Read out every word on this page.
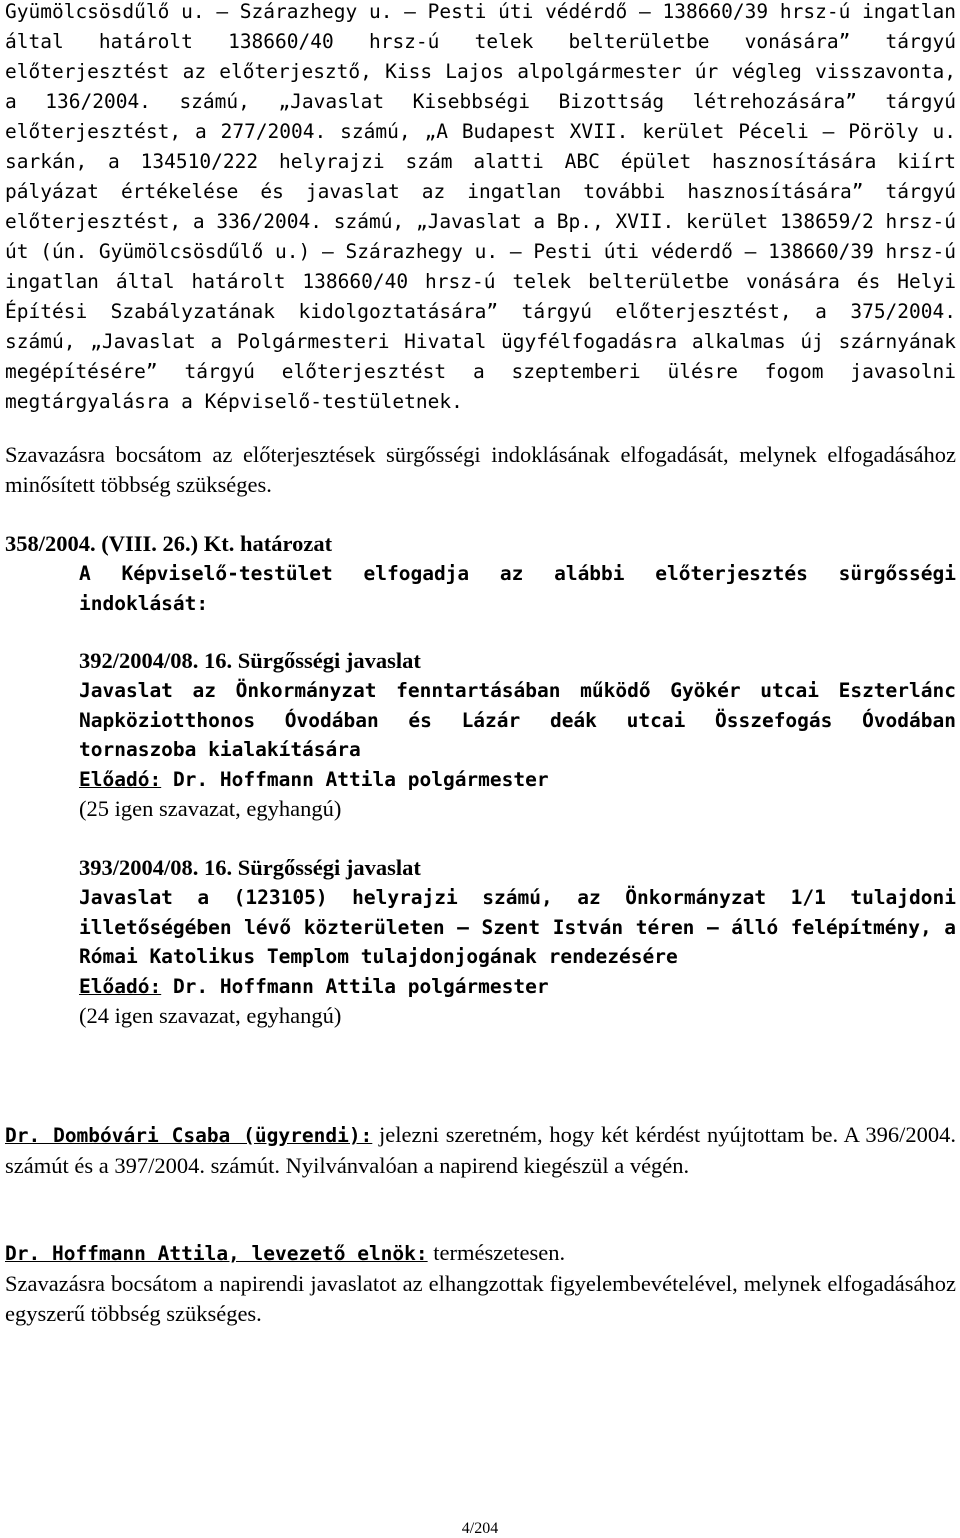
Gyümölcsösdűlő u. – Szárazhegy u. – Pesti úti védérdő – 138660/39 hrsz-ú ingatlan által határolt 138660/40 hrsz-ú telek belterületbe vonására” tárgyú előterjesztést az előterjesztő, Kiss Lajos alpolgármester úr végleg visszavonta, a 136/2004. számú, „Javaslat Kisebbségi Bizottság létrehozására” tárgyú előterjesztést, a 277/2004. számú, „A Budapest XVII. kerület Péceli – Pöröly u. sarkán, a 134510/222 helyrajzi szám alatti ABC épület hasznosítására kiírt pályázat értékelése és javaslat az ingatlan további hasznosítására” tárgyú előterjesztést, a 336/2004. számú, „Javaslat a Bp., XVII. kerület 138659/2 hrsz-ú út (ún. Gyümölcsösdűlő u.) – Szárazhegy u. – Pesti úti véderdő – 138660/39 hrsz-ú ingatlan által határolt 138660/40 hrsz-ú telek belterületbe vonására és Helyi Építési Szabályzatának kidolgoztatására” tárgyú előterjesztést, a 375/2004. számú, „Javaslat a Polgármesteri Hivatal ügyfélfogadásra alkalmas új szárnyának megépítésére” tárgyú előterjesztést a szeptemberi ülésre fogom javasolni megtárgyalásra a Képviselő-testületnek.

Szavazásra bocsátom az előterjesztések sürgősségi indoklásának elfogadását, melynek elfogadásához minősített többség szükséges.

358/2004. (VIII. 26.) Kt. határozat

A Képviselő-testület elfogadja az alábbi előterjesztés sürgősségi indoklását:

392/2004/08. 16. Sürgősségi javaslat

Javaslat az Önkormányzat fenntartásában működő Gyökér utcai Eszterlánc Napköziotthonos Óvodában és Lázár deák utcai Összefogás Óvodában tornaszoba kialakítására

Előadó: Dr. Hoffmann Attila polgármester
(25 igen szavazat, egyhangú)
393/2004/08. 16. Sürgősségi javaslat

Javaslat a (123105) helyrajzi számú, az Önkormányzat 1/1 tulajdoni illetőségében lévő közterületen – Szent István téren – álló felépítmény, a Római Katolikus Templom tulajdonjogának rendezésére

Előadó: Dr. Hoffmann Attila polgármester
(24 igen szavazat, egyhangú)

Dr. Dombóvári Csaba (ügyrendi): jelezni szeretném, hogy két kérdést nyújtottam be. A 396/2004. számút és a 397/2004. számút. Nyilvánvalóan a napirend kiegészül a végén.

Dr. Hoffmann Attila, levezető elnök: természetesen.

Szavazásra bocsátom a napirendi javaslatot az elhangzottak figyelembevételével, melynek elfogadásához egyszerű többség szükséges.

4/204
